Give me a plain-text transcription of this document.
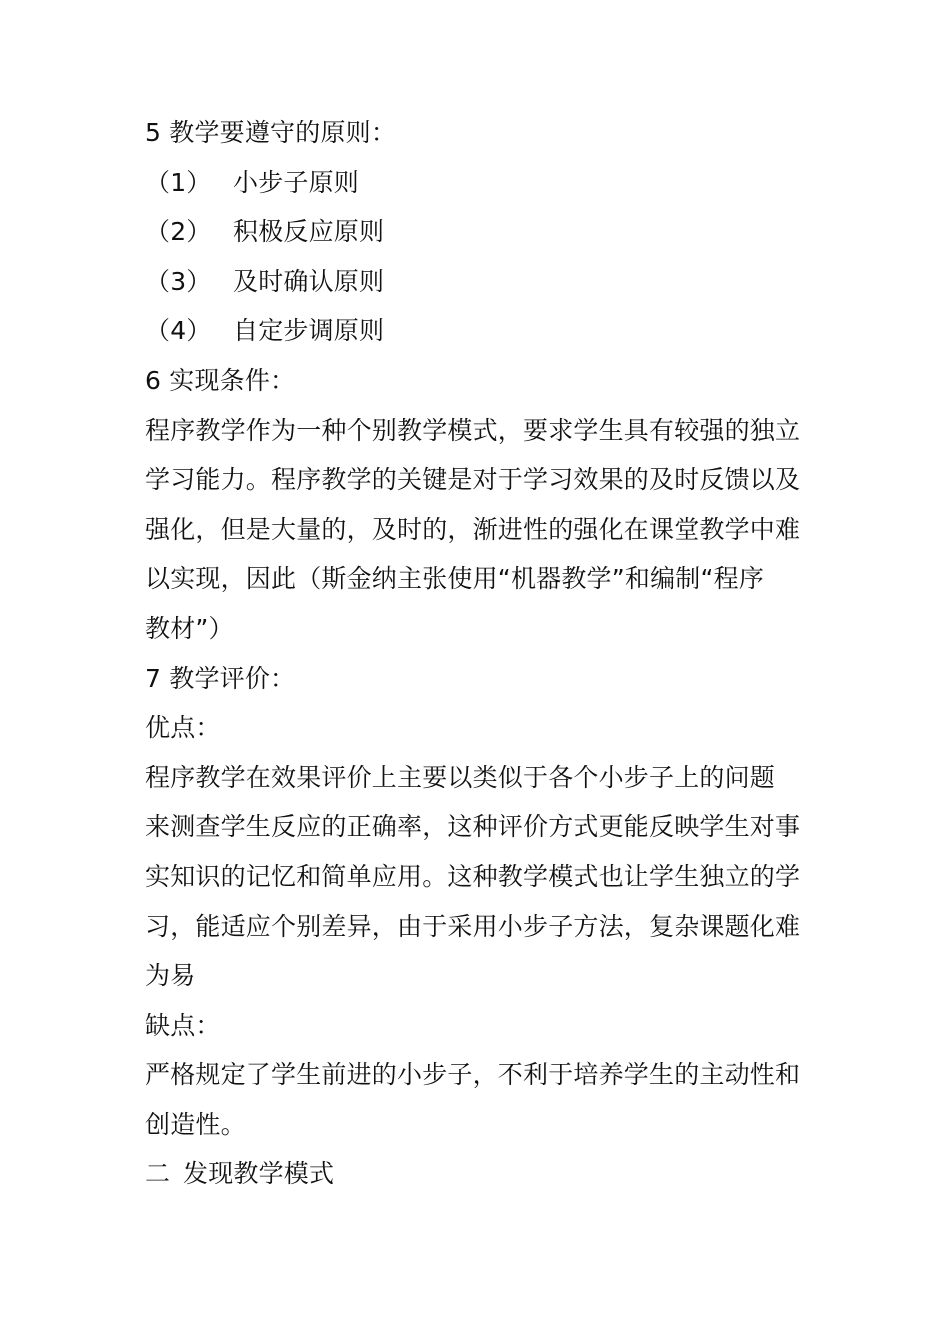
5 教学要遵守的原则：
（1） 小步子原则
（2） 积极反应原则
（3） 及时确认原则
（4） 自定步调原则
6 实现条件：
程序教学作为一种个别教学模式，要求学生具有较强的独立
学习能力。程序教学的关键是对于学习效果的及时反馈以及
强化，但是大量的，及时的，渐进性的强化在课堂教学中难
以实现，因此（斯金纳主张使用“机器教学”和编制“程序
教材”）
7 教学评价：
优点：
程序教学在效果评价上主要以类似于各个小步子上的问题
来测查学生反应的正确率，这种评价方式更能反映学生对事
实知识的记忆和简单应用。这种教学模式也让学生独立的学
习，能适应个别差异，由于采用小步子方法，复杂课题化难
为易
缺点：
严格规定了学生前进的小步子，不利于培养学生的主动性和
创造性。
二 发现教学模式
